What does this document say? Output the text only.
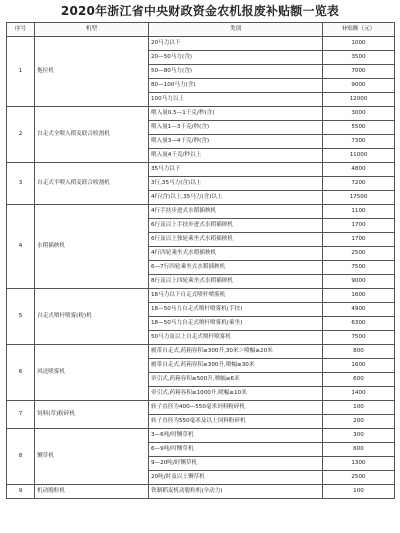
2020年浙江省中央财政资金农机报废补贴额一览表
序号	机型	类别	补贴额（元）
1	拖拉机	20马力以下	1000
		20—50马力(含)	3500
		50—80马力(含)	7000
		80—100马力(含)	9000
		100马力以上	12000
2	自走式全喂入稻麦联合收割机	喂入量0.5—1千克/秒(含)	3000
		喂入量1—3千克/秒(含)	5500
		喂入量3—4千克/秒(含)	7300
		喂入量4千克/秒以上	11000
3	自走式半喂入稻麦联合收割机	35马力以下	4800
		3行,35马力(含)以上	7200
		4行(含)以上,35马力(含)以上	17500
4	水稻插秧机	4行手扶步进式水稻插秧机	1100
		6行及以上手扶步进式水稻插秧机	1700
		6行及以上独轮乘坐式水稻插秧机	1700
		4行四轮乘坐式水稻插秧机	2500
		6—7行四轮乘坐式水稻插秧机	7500
		8行及以上四轮乘坐式水稻插秧机	9000
5	自走式喷杆喷雾(粉)机	18马力以下自走式喷杆喷雾机	1600
		18—50马力自走式喷杆喷雾机(手扶)	4900
		18—50马力自走式喷杆喷雾机(乘坐)	6300
		50马力及以上自走式喷杆喷雾机	7500
6	风送喷雾机	履带自走式,药箱容积≥300升,30米＞喷幅≥20米	800
		履带自走式,药箱容积≥300升,喷幅≥30米	1600
		牵引式,药箱容积≥500升,喷幅≥6米	600
		牵引式,药箱容积≥1000升,喷幅≥10米	1400
7	饲料(草)粉碎机	转子直径为400—550毫米饲料粉碎机	100
		转子直径为550毫米及以上饲料粉碎机	200
8	铡草机	3—6吨/时铡草机	300
		6—9吨/时铡草机	600
		9—20吨/时铡草机	1300
		20吨/时及以上铡草机	2500
9	机动脱粒机	铁制稻麦机动脱粒机(全动力)	100
